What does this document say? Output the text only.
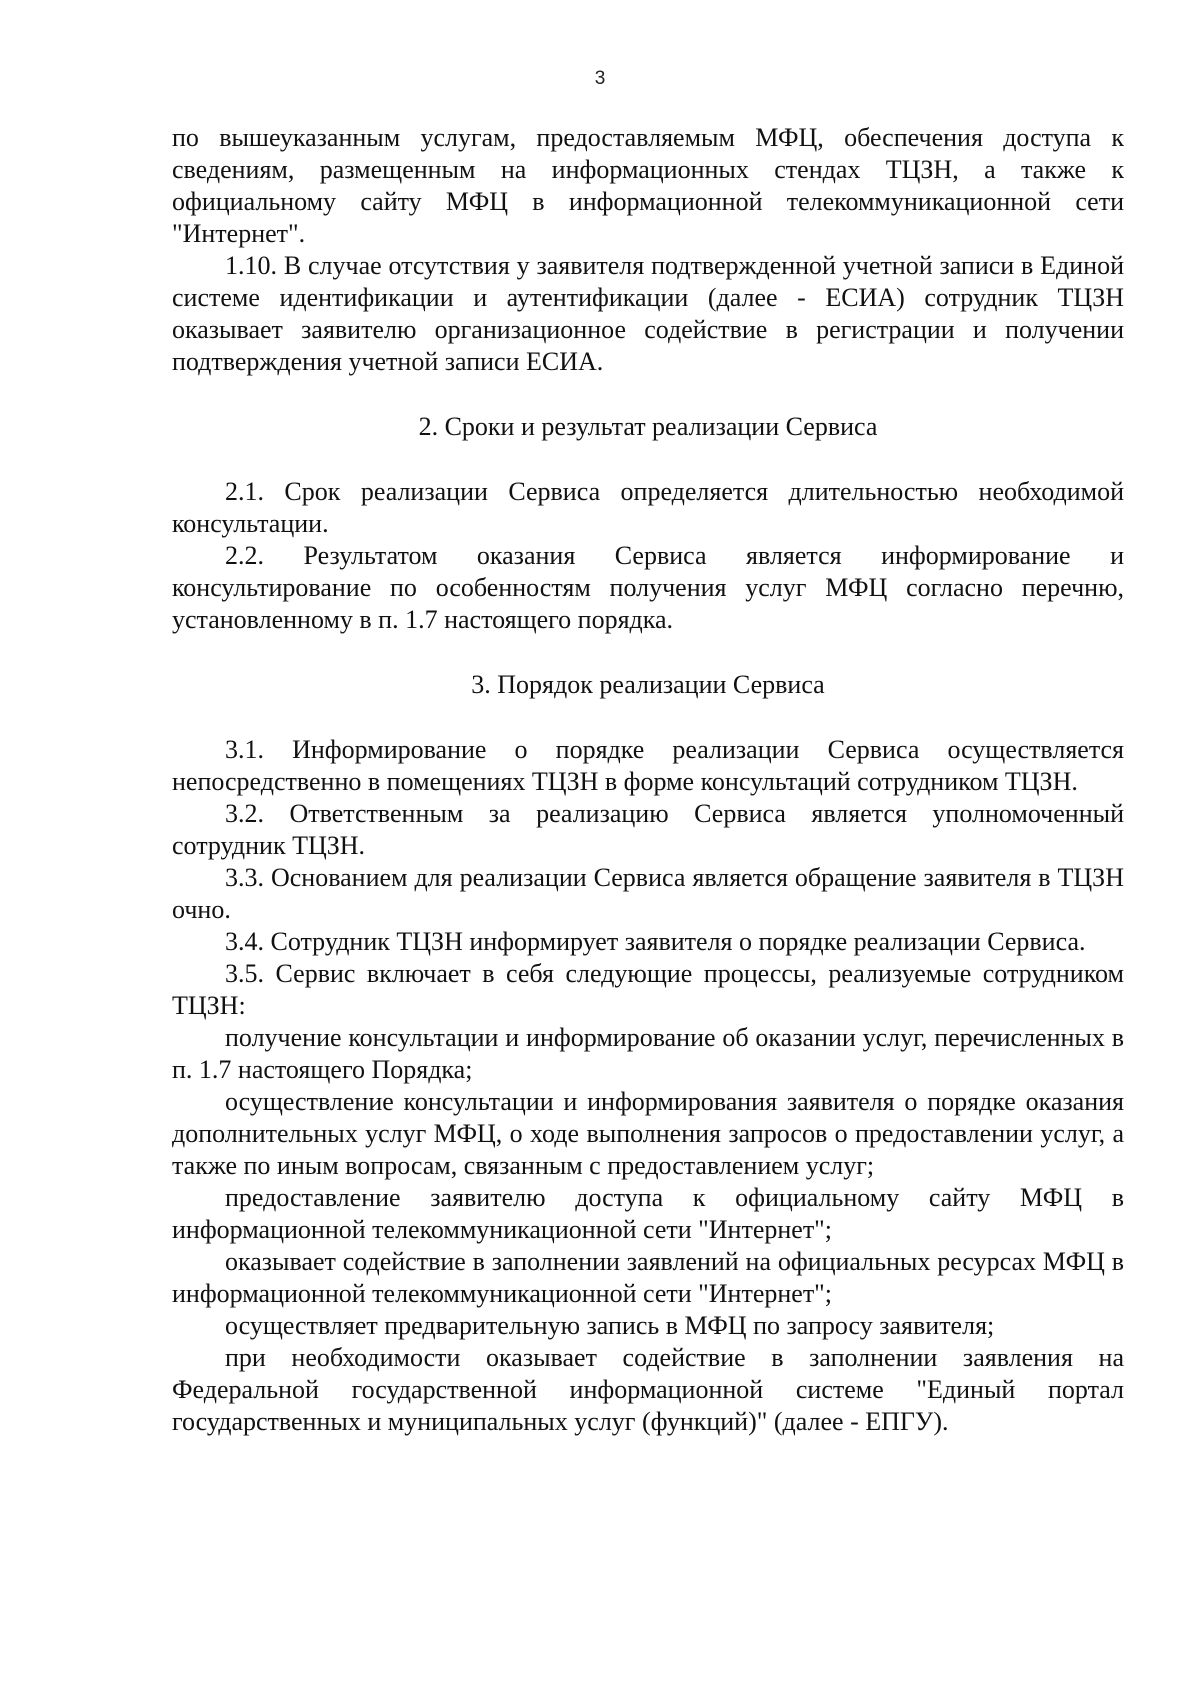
3

по вышеуказанным услугам, предоставляемым МФЦ, обеспечения доступа к сведениям, размещенным на информационных стендах ТЦЗН, а также к официальному сайту МФЦ в информационной телекоммуникационной сети "Интернет".

1.10. В случае отсутствия у заявителя подтвержденной учетной записи в Единой системе идентификации и аутентификации (далее - ЕСИА) сотрудник ТЦЗН оказывает заявителю организационное содействие в регистрации и получении подтверждения учетной записи ЕСИА.

2. Сроки и результат реализации Сервиса

2.1. Срок реализации Сервиса определяется длительностью необходимой консультации.

2.2. Результатом оказания Сервиса является информирование и консультирование по особенностям получения услуг МФЦ согласно перечню, установленному в п. 1.7 настоящего порядка.

3. Порядок реализации Сервиса

3.1. Информирование о порядке реализации Сервиса осуществляется непосредственно в помещениях ТЦЗН в форме консультаций сотрудником ТЦЗН.

3.2. Ответственным за реализацию Сервиса является уполномоченный сотрудник ТЦЗН.

3.3. Основанием для реализации Сервиса является обращение заявителя в ТЦЗН очно.

3.4. Сотрудник ТЦЗН информирует заявителя о порядке реализации Сервиса.

3.5. Сервис включает в себя следующие процессы, реализуемые сотрудником ТЦЗН:

получение консультации и информирование об оказании услуг, перечисленных в п. 1.7 настоящего Порядка;

осуществление консультации и информирования заявителя о порядке оказания дополнительных услуг МФЦ, о ходе выполнения запросов о предоставлении услуг, а также по иным вопросам, связанным с предоставлением услуг;

предоставление заявителю доступа к официальному сайту МФЦ в информационной телекоммуникационной сети "Интернет";

оказывает содействие в заполнении заявлений на официальных ресурсах МФЦ в информационной телекоммуникационной сети "Интернет";

осуществляет предварительную запись в МФЦ по запросу заявителя;

при необходимости оказывает содействие в заполнении заявления на Федеральной государственной информационной системе "Единый портал государственных и муниципальных услуг (функций)" (далее - ЕПГУ).
